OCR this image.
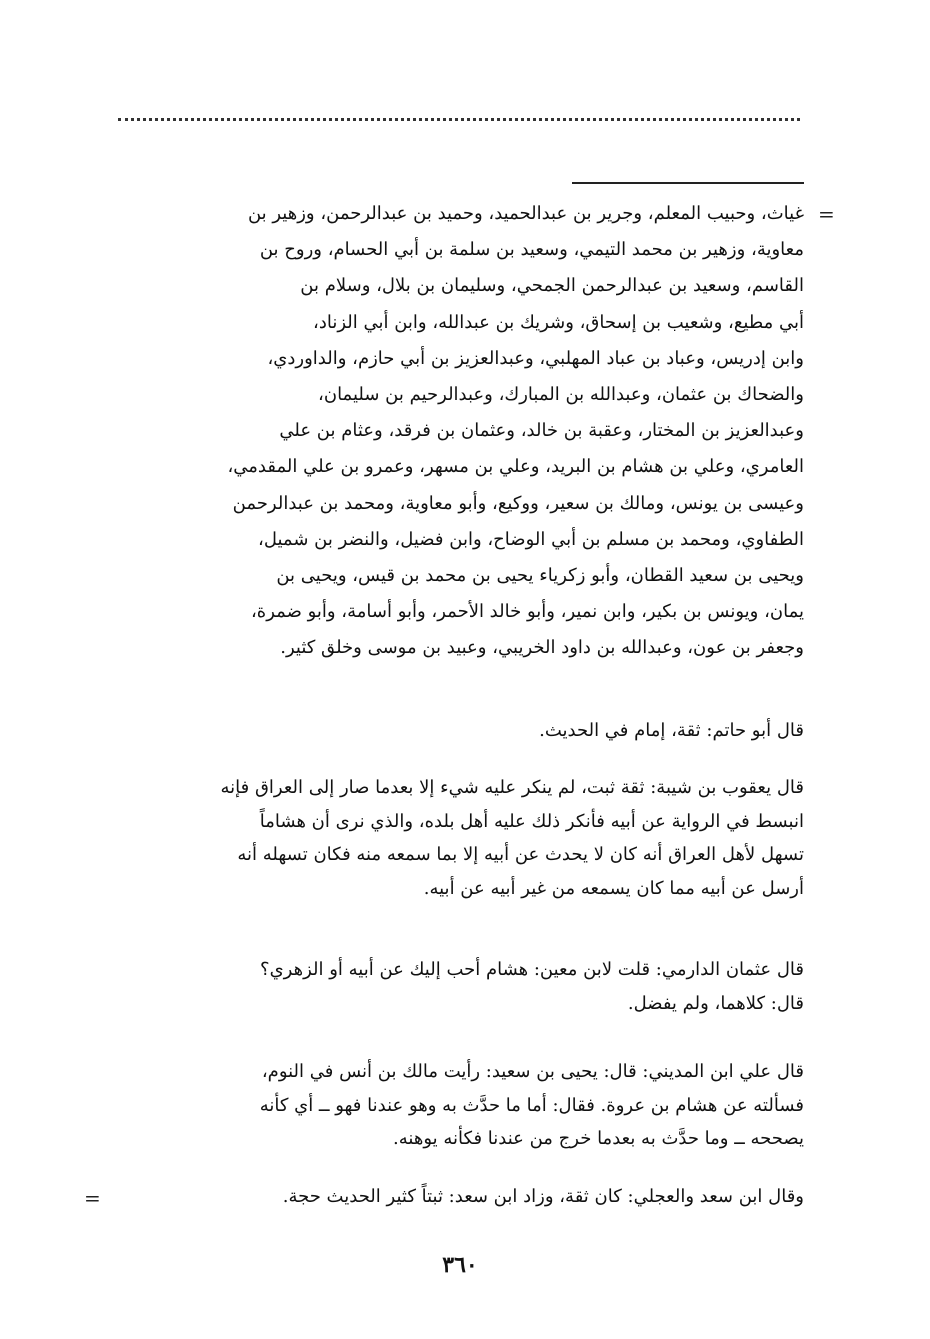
=
غياث، وحبيب المعلم، وجرير بن عبدالحميد، وحميد بن عبدالرحمن، وزهير بن
معاوية، وزهير بن محمد التيمي، وسعيد بن سلمة بن أبي الحسام، وروح بن
القاسم، وسعيد بن عبدالرحمن الجمحي، وسليمان بن بلال، وسلام بن
أبي مطيع، وشعيب بن إسحاق، وشريك بن عبدالله، وابن أبي الزناد،
وابن إدريس، وعباد بن عباد المهلبي، وعبدالعزيز بن أبي حازم، والداوردي،
والضحاك بن عثمان، وعبدالله بن المبارك، وعبدالرحيم بن سليمان،
وعبدالعزيز بن المختار، وعقبة بن خالد، وعثمان بن فرقد، وعثام بن علي
العامري، وعلي بن هشام بن البريد، وعلي بن مسهر، وعمرو بن علي المقدمي،
وعيسى بن يونس، ومالك بن سعير، ووكيع، وأبو معاوية، ومحمد بن عبدالرحمن
الطفاوي، ومحمد بن مسلم بن أبي الوضاح، وابن فضيل، والنضر بن شميل،
ويحيى بن سعيد القطان، وأبو زكرياء يحيى بن محمد بن قيس، ويحيى بن
يمان، ويونس بن بكير، وابن نمير، وأبو خالد الأحمر، وأبو أسامة، وأبو ضمرة،
وجعفر بن عون، وعبدالله بن داود الخريبي، وعبيد بن موسى وخلق كثير.
قال أبو حاتم: ثقة، إمام في الحديث.
قال يعقوب بن شيبة: ثقة ثبت، لم ينكر عليه شيء إلا بعدما صار إلى العراق فإنه
انبسط في الرواية عن أبيه فأنكر ذلك عليه أهل بلده، والذي نرى أن هشاماً
تسهل لأهل العراق أنه كان لا يحدث عن أبيه إلا بما سمعه منه فكان تسهله أنه
أرسل عن أبيه مما كان يسمعه من غير أبيه عن أبيه.
قال عثمان الدارمي: قلت لابن معين: هشام أحب إليك عن أبيه أو الزهري؟
قال: كلاهما، ولم يفضل.
قال علي ابن المديني: قال: يحيى بن سعيد: رأيت مالك بن أنس في النوم،
فسألته عن هشام بن عروة. فقال: أما ما حدَّث به وهو عندنا فهو ــ أي كأنه
يصححه ــ وما حدَّث به بعدما خرج من عندنا فكأنه يوهنه.
وقال ابن سعد والعجلي: كان ثقة، وزاد ابن سعد: ثبتاً كثير الحديث حجة.
=
٣٦٠
